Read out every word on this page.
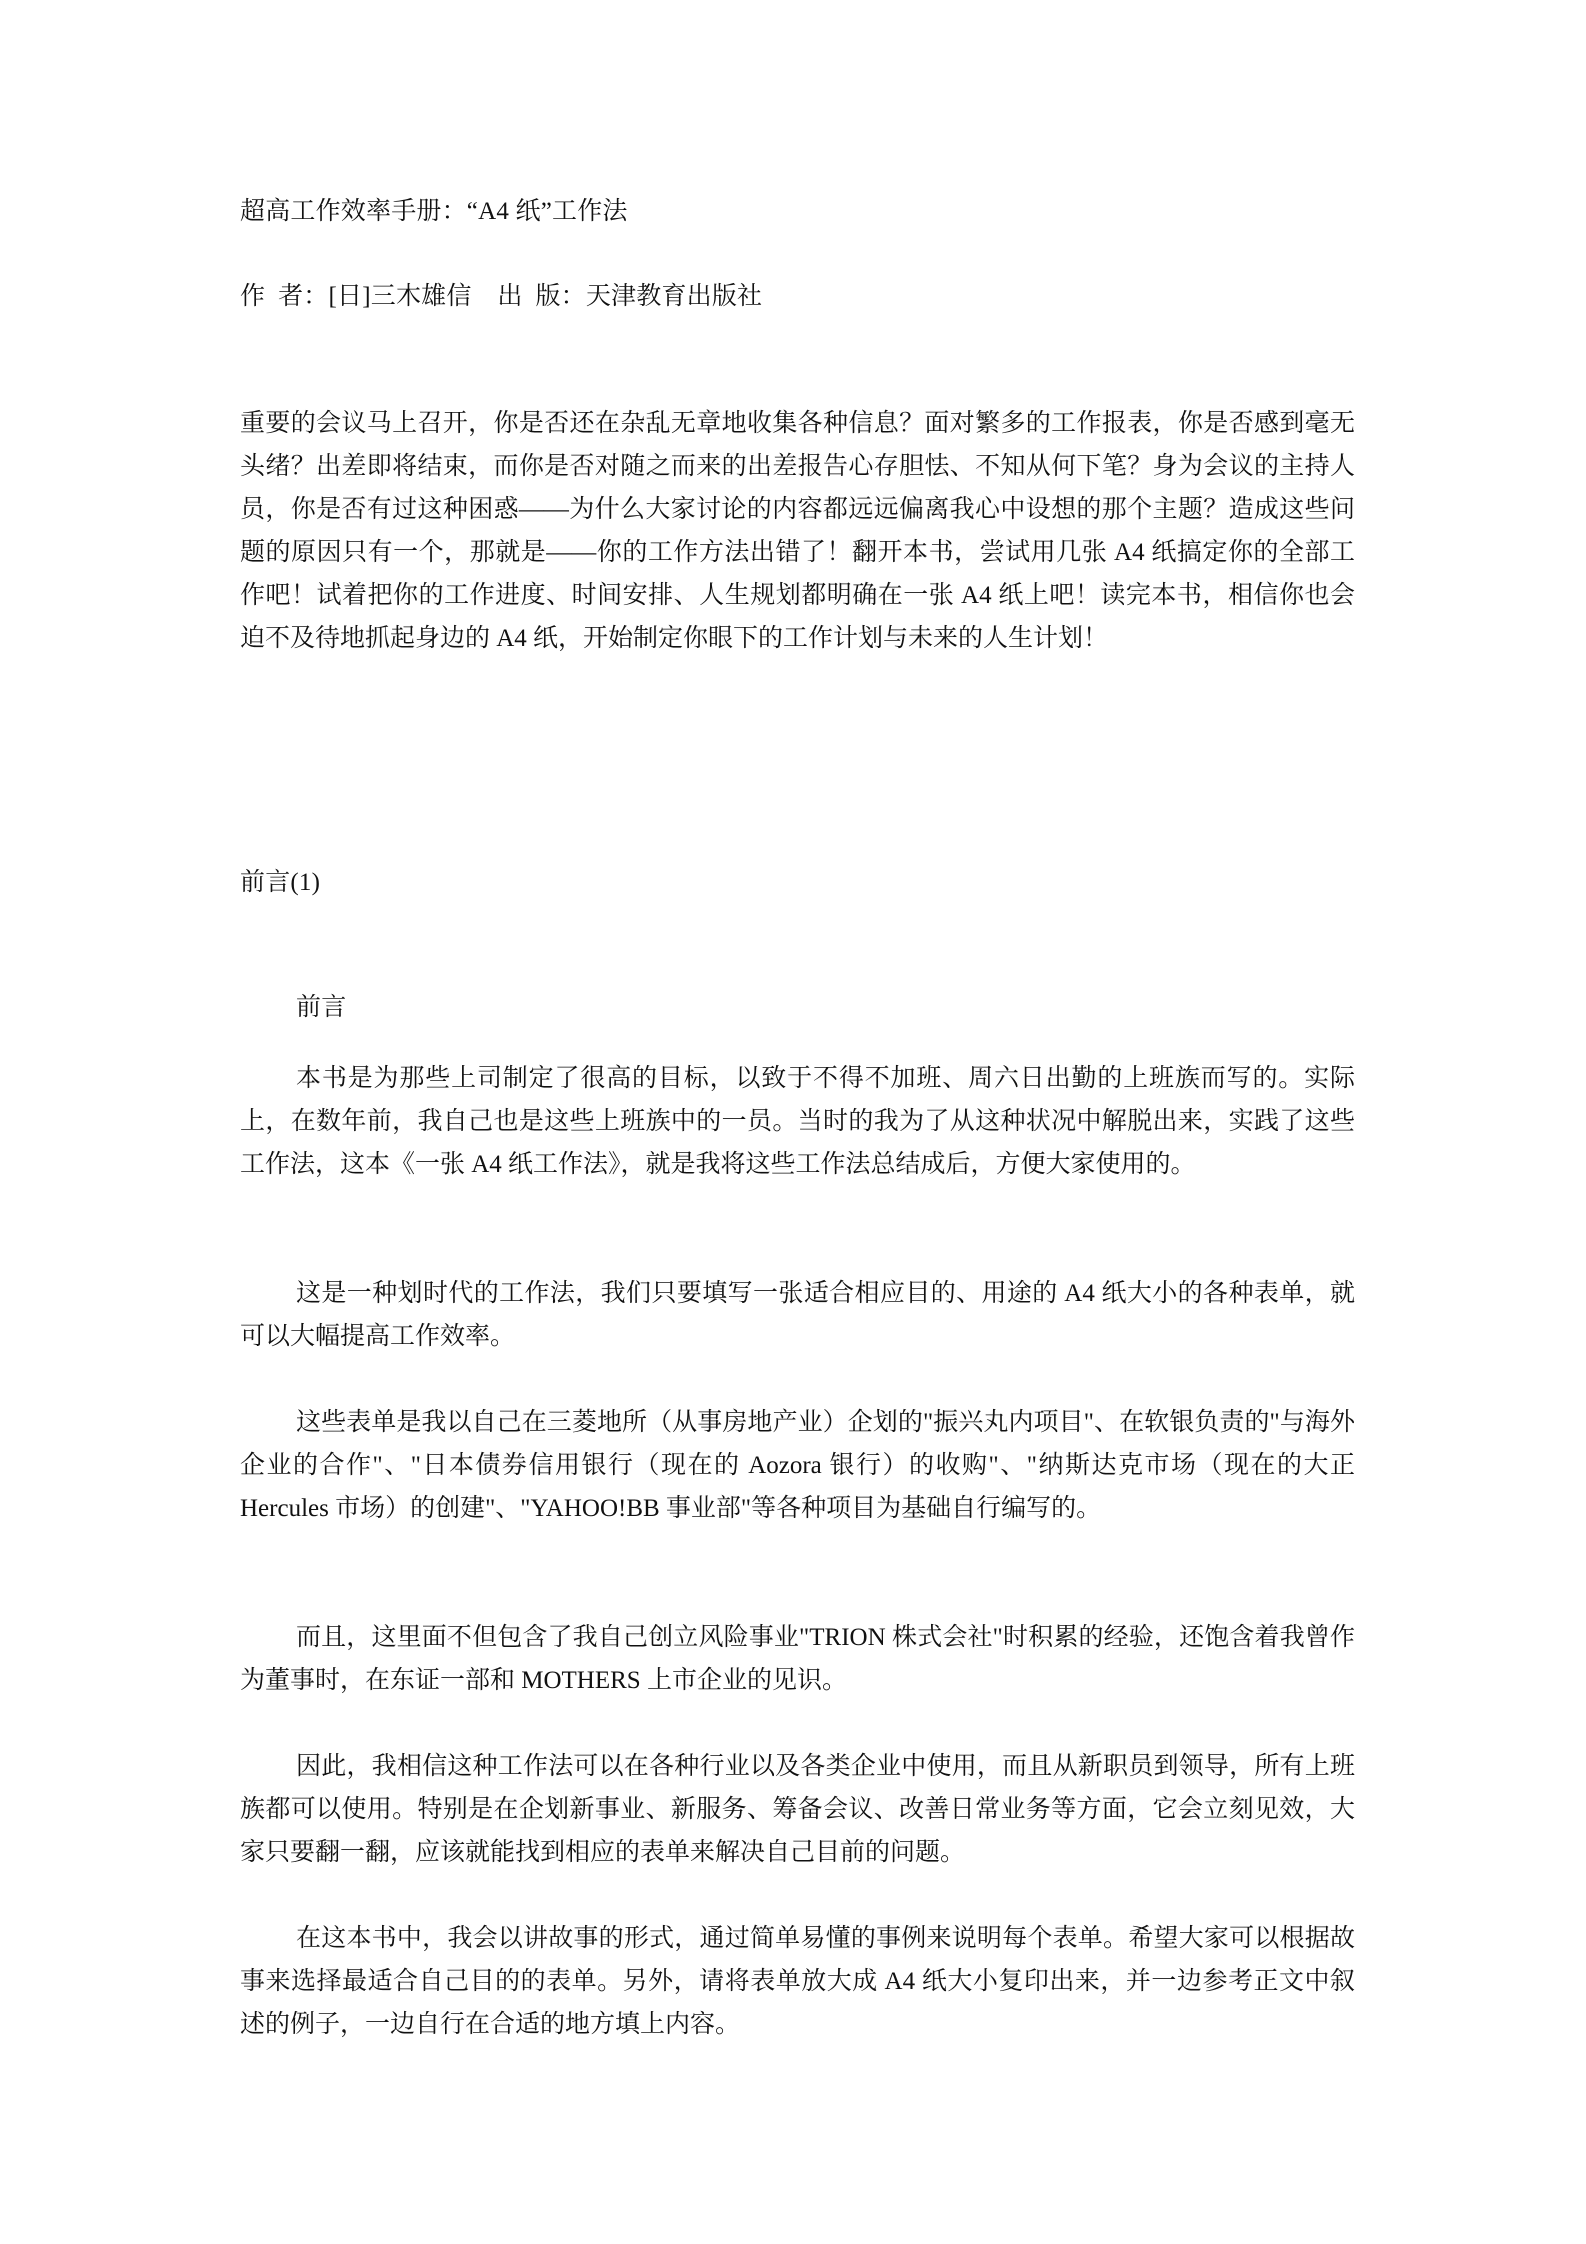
超高工作效率手册：“A4 纸”工作法
作  者：[日]三木雄信    出  版：天津教育出版社
重要的会议马上召开，你是否还在杂乱无章地收集各种信息？面对繁多的工作报表，你是否感到毫无头绪？出差即将结束，而你是否对随之而来的出差报告心存胆怯、不知从何下笔？身为会议的主持人员，你是否有过这种困惑——为什么大家讨论的内容都远远偏离我心中设想的那个主题？造成这些问题的原因只有一个，那就是——你的工作方法出错了！翻开本书，尝试用几张 A4 纸搞定你的全部工作吧！试着把你的工作进度、时间安排、人生规划都明确在一张 A4 纸上吧！读完本书，相信你也会迫不及待地抓起身边的 A4 纸，开始制定你眼下的工作计划与未来的人生计划！
前言(1)
前言
本书是为那些上司制定了很高的目标，以致于不得不加班、周六日出勤的上班族而写的。实际上，在数年前，我自己也是这些上班族中的一员。当时的我为了从这种状况中解脱出来，实践了这些工作法，这本《一张 A4 纸工作法》，就是我将这些工作法总结成后，方便大家使用的。
这是一种划时代的工作法，我们只要填写一张适合相应目的、用途的 A4 纸大小的各种表单，就可以大幅提高工作效率。
这些表单是我以自己在三菱地所（从事房地产业）企划的"振兴丸内项目"、在软银负责的"与海外企业的合作"、"日本债券信用银行（现在的 Aozora 银行）的收购"、"纳斯达克市场（现在的大正 Hercules 市场）的创建"、"YAHOO!BB 事业部"等各种项目为基础自行编写的。
而且，这里面不但包含了我自己创立风险事业"TRION 株式会社"时积累的经验，还饱含着我曾作为董事时，在东证一部和 MOTHERS 上市企业的见识。
因此，我相信这种工作法可以在各种行业以及各类企业中使用，而且从新职员到领导，所有上班族都可以使用。特别是在企划新事业、新服务、筹备会议、改善日常业务等方面，它会立刻见效，大家只要翻一翻，应该就能找到相应的表单来解决自己目前的问题。
在这本书中，我会以讲故事的形式，通过简单易懂的事例来说明每个表单。希望大家可以根据故事来选择最适合自己目的的表单。另外，请将表单放大成 A4 纸大小复印出来，并一边参考正文中叙述的例子，一边自行在合适的地方填上内容。
